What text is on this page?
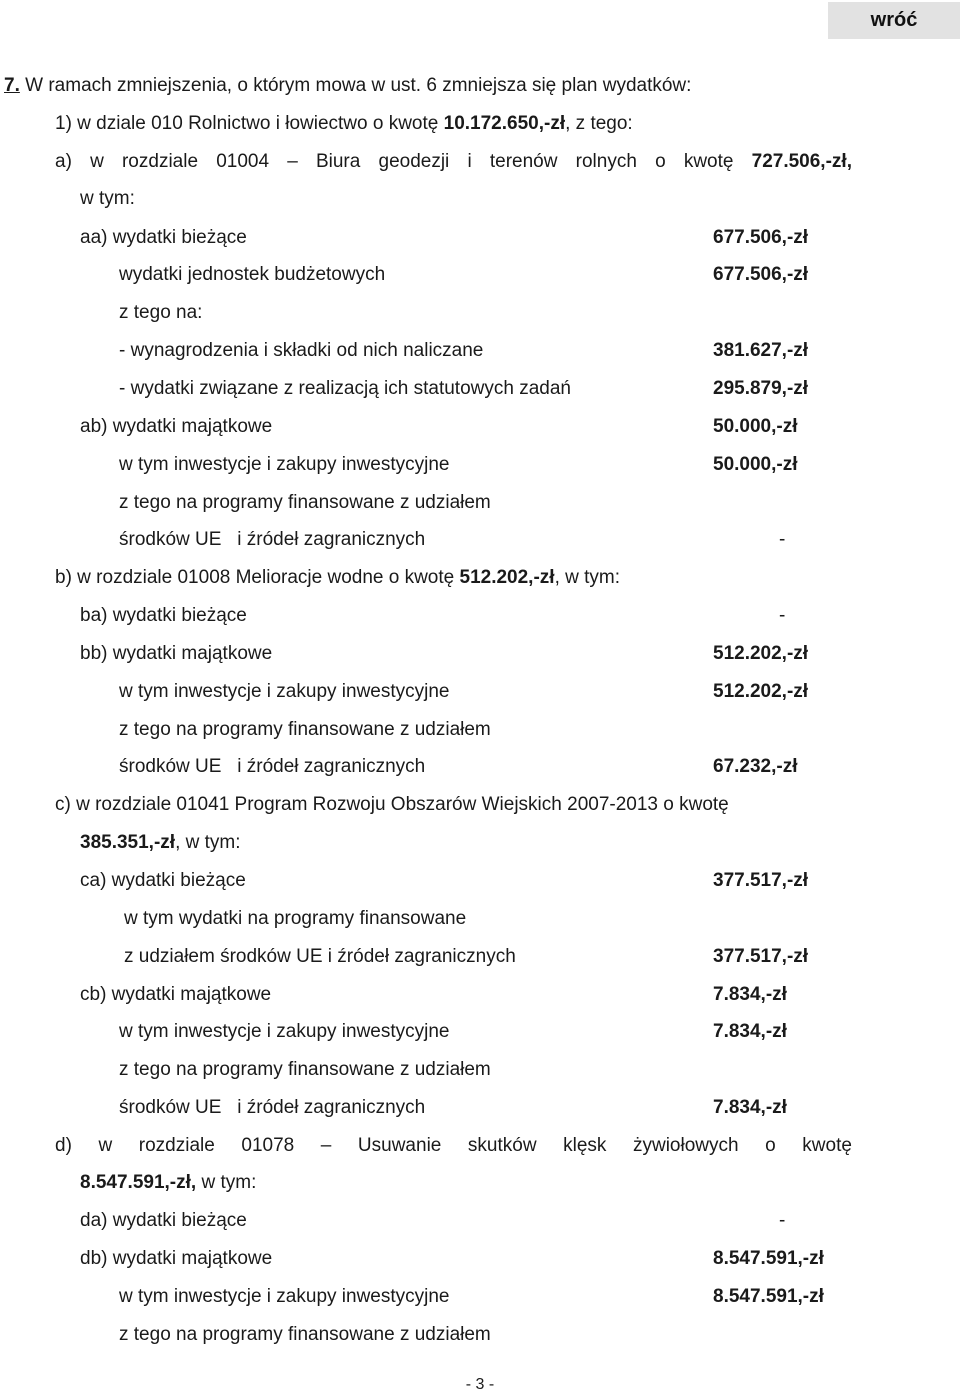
wróć
7. W ramach zmniejszenia, o którym mowa w ust. 6 zmniejsza się plan wydatków:
1) w dziale 010 Rolnictwo i łowiectwo o kwotę 10.172.650,-zł, z tego:
a) w rozdziale 01004 – Biura geodezji i terenów rolnych o kwotę 727.506,-zł,
w tym:
aa) wydatki bieżące	677.506,-zł
wydatki jednostek budżetowych	677.506,-zł
z tego na:
- wynagrodzenia i składki od nich naliczane	381.627,-zł
- wydatki związane z realizacją ich statutowych zadań	295.879,-zł
ab) wydatki majątkowe	50.000,-zł
w tym inwestycje i zakupy inwestycyjne	50.000,-zł
z tego na programy finansowane z udziałem
środków UE   i źródeł zagranicznych	-
b) w rozdziale 01008 Melioracje wodne o kwotę 512.202,-zł, w tym:
ba) wydatki bieżące	-
bb) wydatki majątkowe	512.202,-zł
w tym inwestycje i zakupy inwestycyjne	512.202,-zł
z tego na programy finansowane z udziałem
środków UE   i źródeł zagranicznych	67.232,-zł
c) w rozdziale 01041 Program Rozwoju Obszarów Wiejskich 2007-2013 o kwotę
385.351,-zł, w tym:
ca) wydatki bieżące	377.517,-zł
w tym wydatki na programy finansowane
z udziałem środków UE i źródeł zagranicznych	377.517,-zł
cb) wydatki majątkowe	7.834,-zł
w tym inwestycje i zakupy inwestycyjne	7.834,-zł
z tego na programy finansowane z udziałem
środków UE   i źródeł zagranicznych	7.834,-zł
d) w rozdziale 01078 – Usuwanie skutków klęsk żywiołowych o kwotę
8.547.591,-zł, w tym:
da) wydatki bieżące	-
db) wydatki majątkowe	8.547.591,-zł
w tym inwestycje i zakupy inwestycyjne	8.547.591,-zł
z tego na programy finansowane z udziałem
- 3 -
